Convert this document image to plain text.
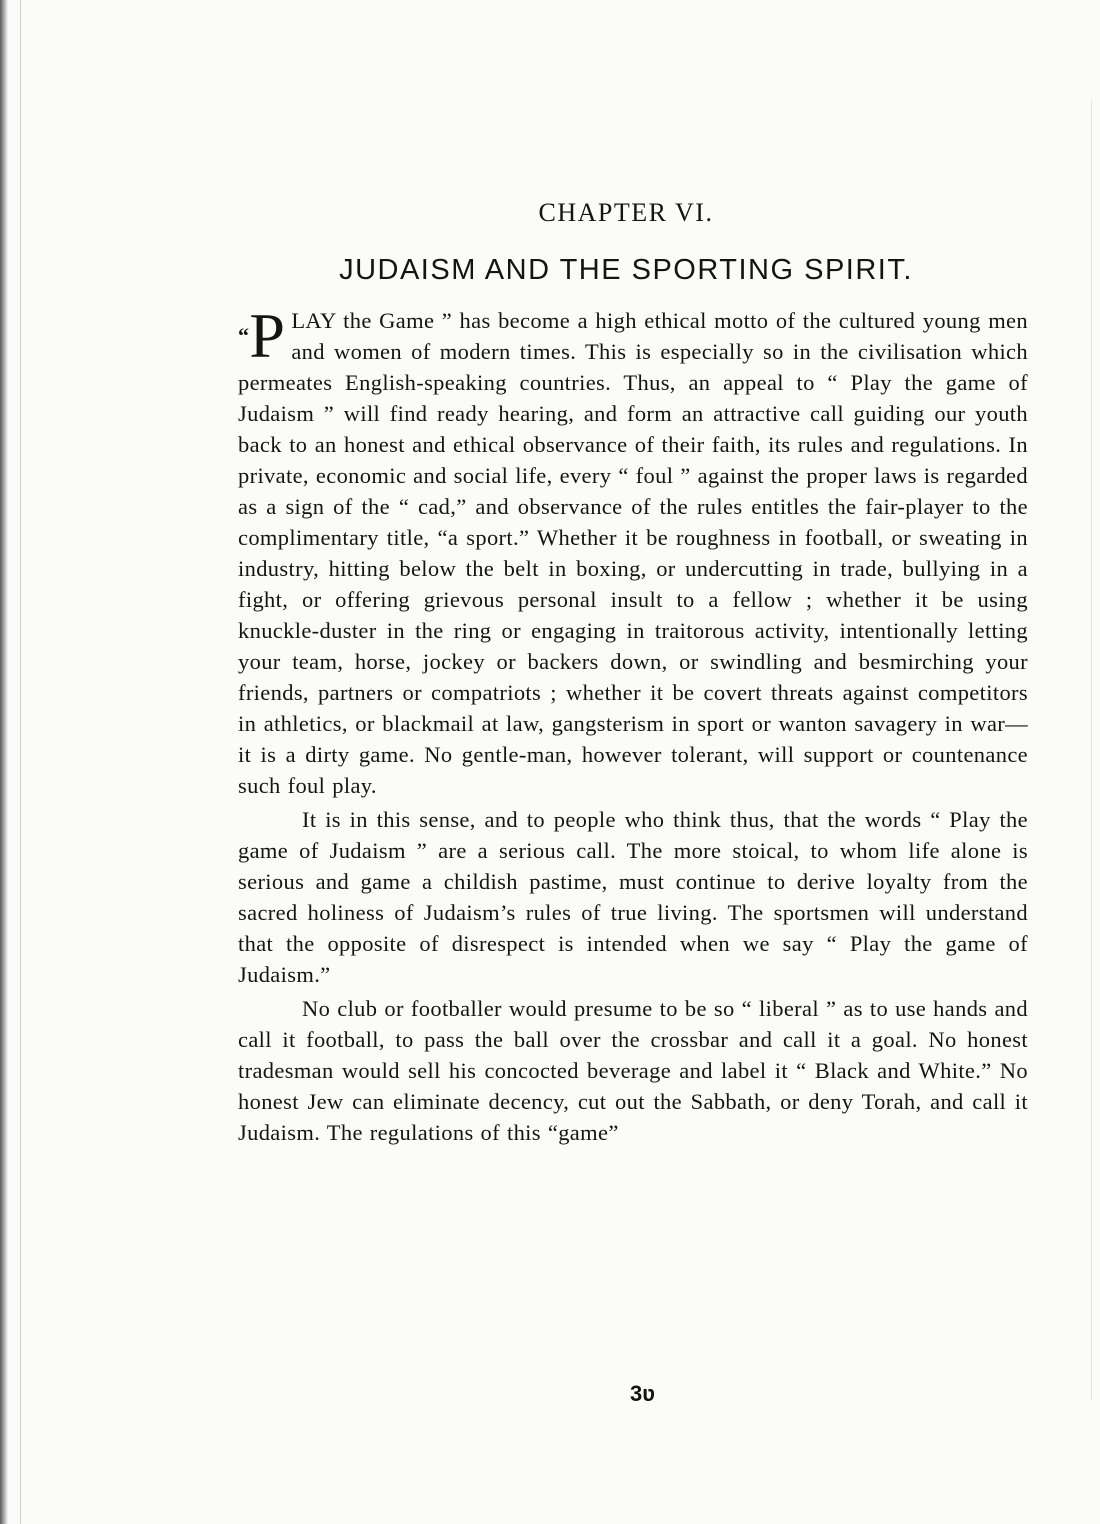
CHAPTER VI.
JUDAISM AND THE SPORTING SPIRIT.

“P LAY the Game ” has become a high ethical motto of the cultured young men and women of modern times. This is especially so in the civilisation which permeates English-speaking countries. Thus, an appeal to “ Play the game of Judaism ” will find ready hearing, and form an attractive call guiding our youth back to an honest and ethical observance of their faith, its rules and regulations. In private, economic and social life, every “ foul ” against the proper laws is regarded as a sign of the “ cad,” and observance of the rules entitles the fair-player to the complimentary title, “a sport.” Whether it be roughness in football, or sweating in industry, hitting below the belt in boxing, or undercutting in trade, bullying in a fight, or offering grievous personal insult to a fellow ; whether it be using knuckle-duster in the ring or engaging in traitorous activity, intentionally letting your team, horse, jockey or backers down, or swindling and besmirching your friends, partners or compatriots ; whether it be covert threats against competitors in athletics, or blackmail at law, gangsterism in sport or wanton savagery in war—it is a dirty game. No gentle-man, however tolerant, will support or countenance such foul play.

It is in this sense, and to people who think thus, that the words “ Play the game of Judaism ” are a serious call. The more stoical, to whom life alone is serious and game a childish pastime, must continue to derive loyalty from the sacred holiness of Judaism’s rules of true living. The sportsmen will understand that the opposite of disrespect is intended when we say “ Play the game of Judaism.”

No club or footballer would presume to be so “ liberal ” as to use hands and call it football, to pass the ball over the crossbar and call it a goal. No honest tradesman would sell his concocted beverage and label it “ Black and White.” No honest Jew can eliminate decency, cut out the Sabbath, or deny Torah, and call it Judaism. The regulations of this “game”

3ʋ
